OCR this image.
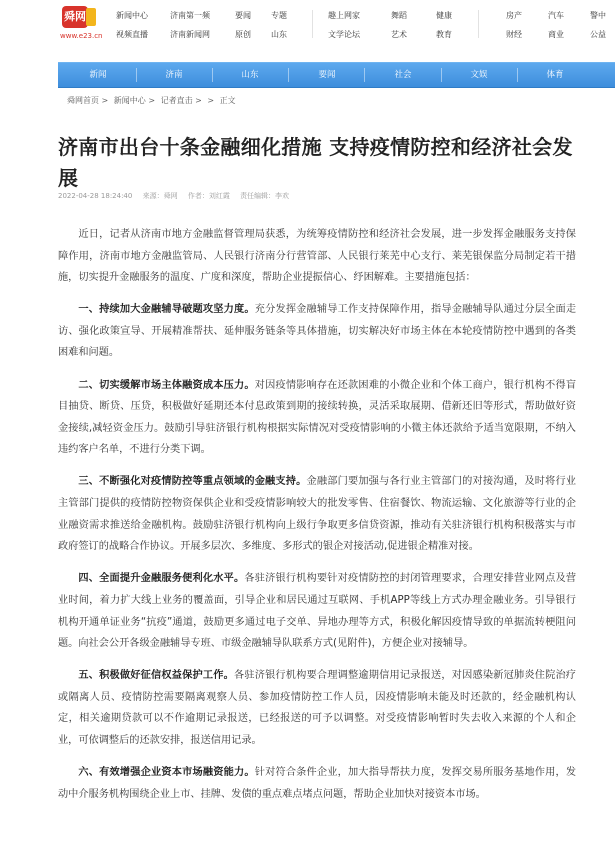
舜网
www.e23.cn
新闻中心
视频直播
济南第一频
济南新闻网
要闻
原创
专题
山东
趣上网家
文学论坛
舞蹈
艺术
健康
教育
房产
财经
汽车
商业
警中
公益
新闻	济南	山东	要闻	社会	文娱	体育
舜网首页 > 新闻中心 > 记者直击 > > 正文
济南市出台十条金融细化措施 支持疫情防控和经济社会发展
2022-04-28 18:24:40 来源：舜网 作者：刘红霞 责任编辑：李欢

近日，记者从济南市地方金融监督管理局获悉，为统筹疫情防控和经济社会发展，进一步发挥金融服务支持保障作用，济南市地方金融监管局、人民银行济南分行营管部、人民银行莱芜中心支行、莱芜银保监分局制定若干措施，切实提升金融服务的温度、广度和深度，帮助企业提振信心、纾困解难。主要措施包括：

一、持续加大金融辅导破题攻坚力度。充分发挥金融辅导工作支持保障作用，指导金融辅导队通过分层全面走访、强化政策宣导、开展精准帮扶、延伸服务链条等具体措施，切实解决好市场主体在本轮疫情防控中遇到的各类困难和问题。

二、切实缓解市场主体融资成本压力。对因疫情影响存在还款困难的小微企业和个体工商户，银行机构不得盲目抽贷、断贷、压贷，积极做好延期还本付息政策到期的接续转换，灵活采取展期、借新还旧等形式，帮助做好资金接续,减轻资金压力。鼓励引导驻济银行机构根据实际情况对受疫情影响的小微主体还款给予适当宽限期，不纳入违约客户名单，不进行分类下调。

三、不断强化对疫情防控等重点领域的金融支持。金融部门要加强与各行业主管部门的对接沟通，及时将行业主管部门提供的疫情防控物资保供企业和受疫情影响较大的批发零售、住宿餐饮、物流运输、文化旅游等行业的企业融资需求推送给金融机构。鼓励驻济银行机构向上级行争取更多信贷资源，推动有关驻济银行机构积极落实与市政府签订的战略合作协议。开展多层次、多维度、多形式的银企对接活动,促进银企精准对接。

四、全面提升金融服务便利化水平。各驻济银行机构要针对疫情防控的封闭管理要求，合理安排营业网点及营业时间，着力扩大线上业务的覆盖面，引导企业和居民通过互联网、手机APP等线上方式办理金融业务。引导银行机构开通单证业务“抗疫”通道，鼓励更多通过电子交单、异地办理等方式，积极化解因疫情导致的单据流转梗阻问题。向社会公开各级金融辅导专班、市级金融辅导队联系方式(见附件)，方便企业对接辅导。

五、积极做好征信权益保护工作。各驻济银行机构要合理调整逾期信用记录报送，对因感染新冠肺炎住院治疗或隔离人员、疫情防控需要隔离观察人员、参加疫情防控工作人员，因疫情影响未能及时还款的，经金融机构认定，相关逾期贷款可以不作逾期记录报送，已经报送的可予以调整。对受疫情影响暂时失去收入来源的个人和企业，可依调整后的还款安排，报送信用记录。

六、有效增强企业资本市场融资能力。针对符合条件企业，加大指导帮扶力度，发挥交易所服务基地作用，发动中介服务机构围绕企业上市、挂牌、发债的重点难点堵点问题，帮助企业加快对接资本市场。
